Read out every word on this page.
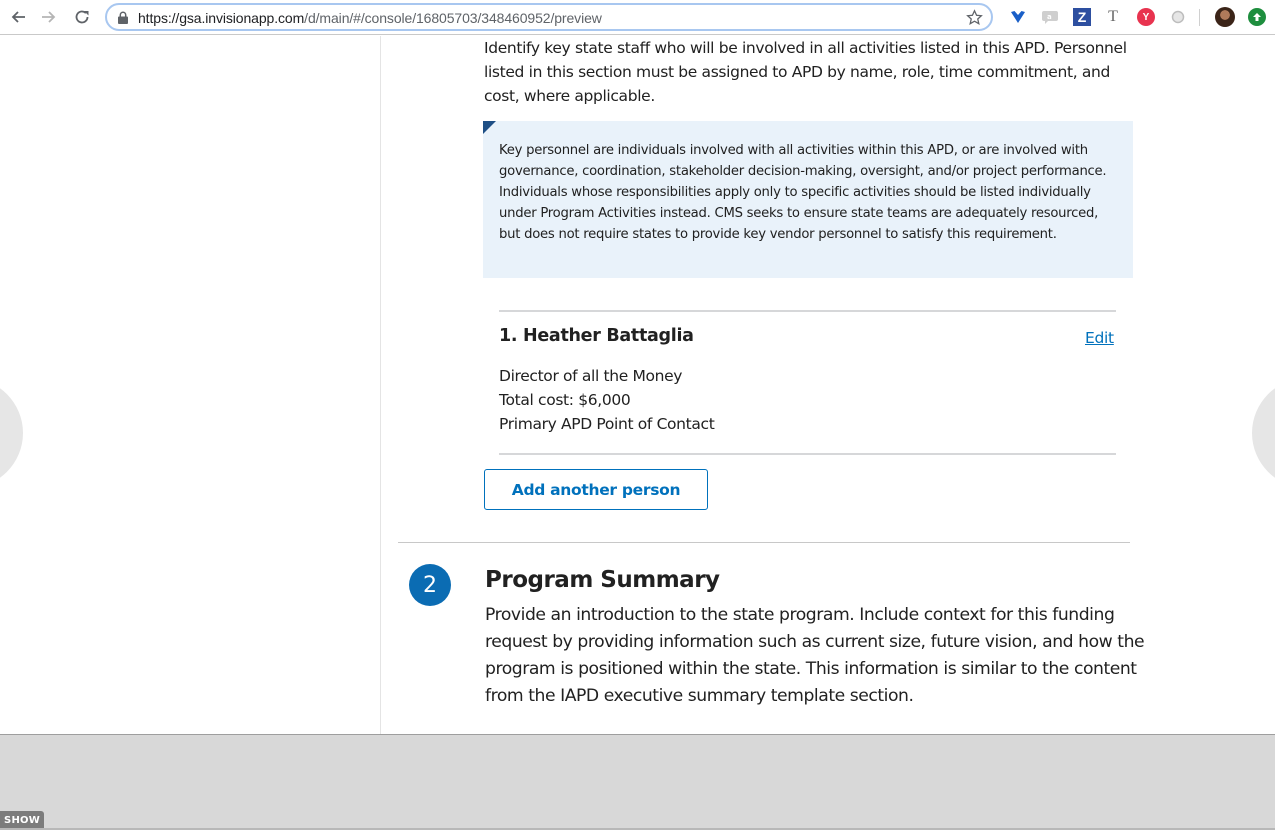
https://gsa.invisionapp.com/d/main/#/console/16805703/348460952/preview	a	Z T	Y

Identify key state staff who will be involved in all activities listed in this APD. Personnel listed in this section must be assigned to APD by name, role, time commitment, and cost, where applicable.

Key personnel are individuals involved with all activities within this APD, or are involved with governance, coordination, stakeholder decision-making, oversight, and/or project performance. Individuals whose responsibilities apply only to specific activities should be listed individually under Program Activities instead. CMS seeks to ensure state teams are adequately resourced, but does not require states to provide key vendor personnel to satisfy this requirement.

1. Heather Battaglia	Edit
Director of all the Money
Total cost: $6,000
Primary APD Point of Contact
Add another person
2	Program Summary

Provide an introduction to the state program. Include context for this funding request by providing information such as current size, future vision, and how the program is positioned within the state. This information is similar to the content from the IAPD executive summary template section.

SHOW
